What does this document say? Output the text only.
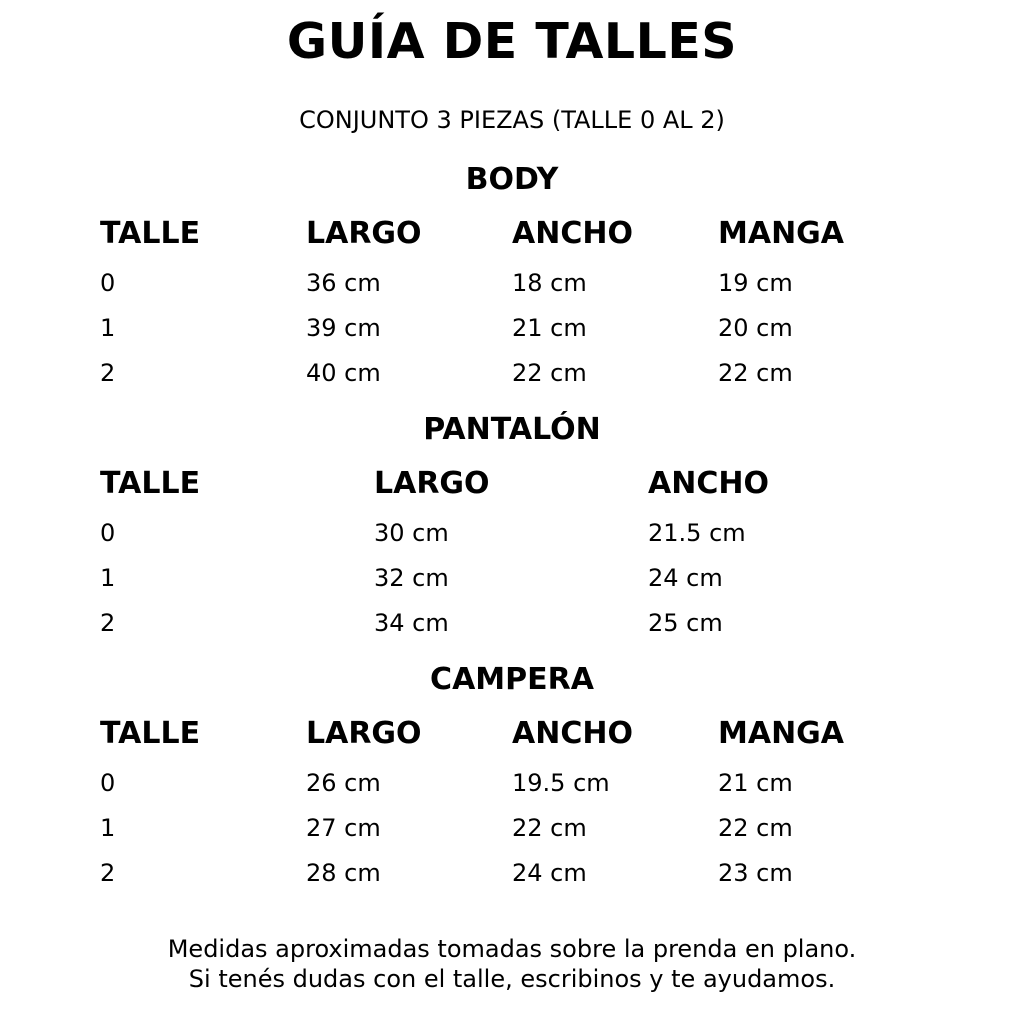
GUÍA DE TALLES
CONJUNTO 3 PIEZAS (TALLE 0 AL 2)
BODY
TALLE	LARGO	ANCHO	MANGA
0	36 cm	18 cm	19 cm
1	39 cm	21 cm	20 cm
2	40 cm	22 cm	22 cm
PANTALÓN
TALLE	LARGO	ANCHO
0	30 cm	21.5 cm
1	32 cm	24 cm
2	34 cm	25 cm
CAMPERA
TALLE	LARGO	ANCHO	MANGA
0	26 cm	19.5 cm	21 cm
1	27 cm	22 cm	22 cm
2	28 cm	24 cm	23 cm
Medidas aproximadas tomadas sobre la prenda en plano.
Si tenés dudas con el talle, escribinos y te ayudamos.
